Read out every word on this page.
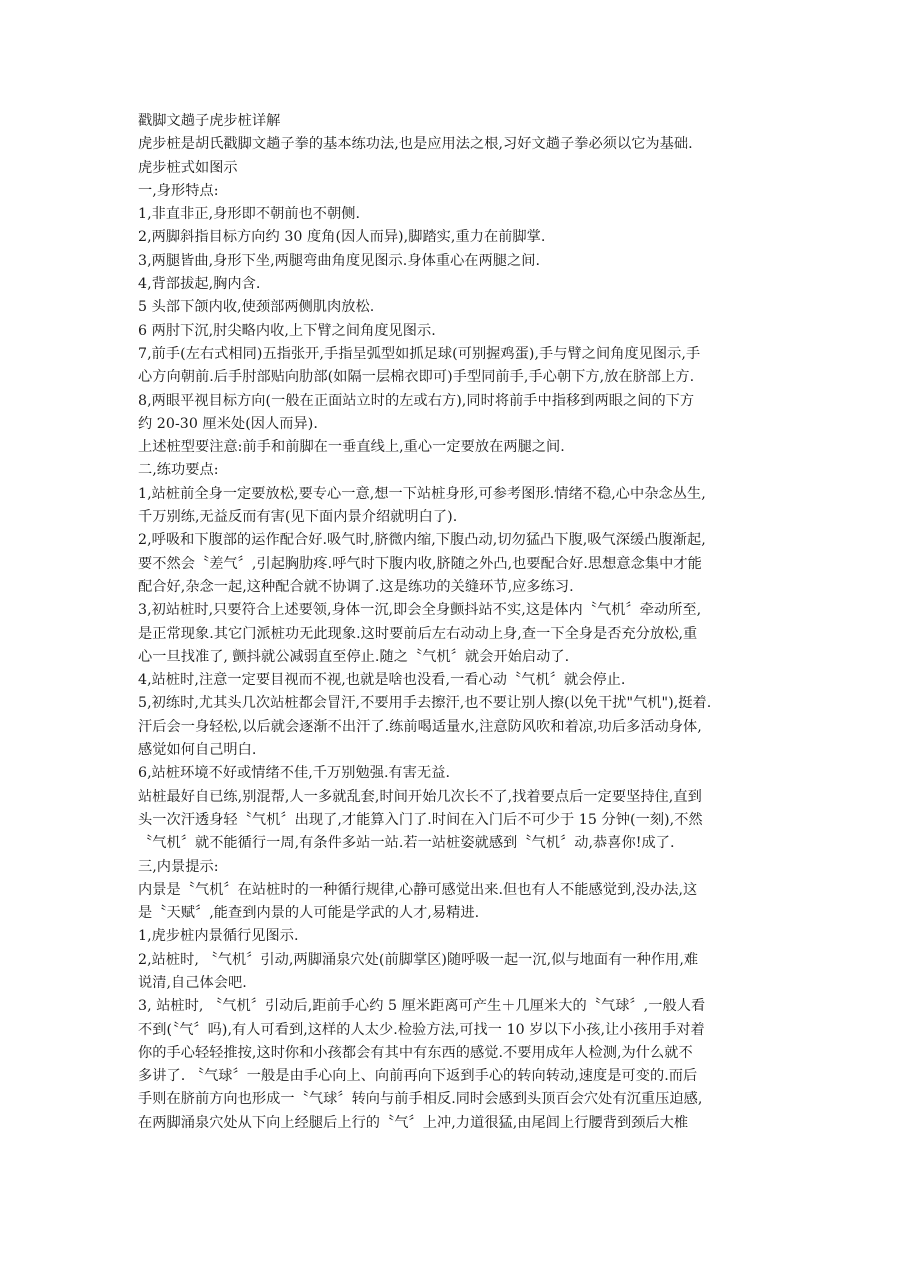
戳脚文趟子虎步桩详解
虎步桩是胡氏戳脚文趟子拳的基本练功法,也是应用法之根,习好文趟子拳必须以它为基础.
虎步桩式如图示
一,身形特点:
1,非直非正,身形即不朝前也不朝侧.
2,两脚斜指目标方向约 30 度角(因人而异),脚踏实,重力在前脚掌.
3,两腿皆曲,身形下坐,两腿弯曲角度见图示.身体重心在两腿之间.
4,背部拔起,胸内含.
5 头部下颌内收,使颈部两侧肌肉放松.
6 两肘下沉,肘尖略内收,上下臂之间角度见图示.
7,前手(左右式相同)五指张开,手指呈弧型如抓足球(可别握鸡蛋),手与臂之间角度见图示,手
心方向朝前.后手肘部贴向肋部(如隔一层棉衣即可)手型同前手,手心朝下方,放在脐部上方.
8,两眼平视目标方向(一般在正面站立时的左或右方),同时将前手中指移到两眼之间的下方
约 20-30 厘米处(因人而异).
上述桩型要注意:前手和前脚在一垂直线上,重心一定要放在两腿之间.
二,练功要点:
1,站桩前全身一定要放松,要专心一意,想一下站桩身形,可参考图形.情绪不稳,心中杂念丛生,
千万别练,无益反而有害(见下面内景介绍就明白了).
2,呼吸和下腹部的运作配合好.吸气时,脐微内缩,下腹凸动,切勿猛凸下腹,吸气深缓凸腹渐起,
要不然会〝差气〞,引起胸肋疼.呼气时下腹内收,脐随之外凸,也要配合好.思想意念集中才能
配合好,杂念一起,这种配合就不协调了.这是练功的关缝环节,应多练习.
3,初站桩时,只要符合上述要领,身体一沉,即会全身颤抖站不实,这是体内〝气机〞牵动所至,
是正常现象.其它门派桩功无此现象.这时要前后左右动动上身,查一下全身是否充分放松,重
心一旦找准了, 颤抖就公减弱直至停止.随之〝气机〞就会开始启动了.
4,站桩时,注意一定要目视而不视,也就是啥也没看,一看心动〝气机〞就会停止.
5,初练时,尤其头几次站桩都会冒汗,不要用手去擦汗,也不要让别人擦(以免干扰"气机"),挺着.
汗后会一身轻松,以后就会逐渐不出汗了.练前喝适量水,注意防风吹和着凉,功后多活动身体,
感觉如何自己明白.
6,站桩环境不好或情绪不佳,千万别勉强.有害无益.
站桩最好自已练,别混帮,人一多就乱套,时间开始几次长不了,找着要点后一定要坚持住,直到
头一次汗透身轻〝气机〞出现了,才能算入门了.时间在入门后不可少于 15 分钟(一刻),不然
〝气机〞就不能循行一周,有条件多站一站.若一站桩姿就感到〝气机〞动,恭喜你!成了.
三,内景提示:
内景是〝气机〞在站桩时的一种循行规律,心静可感觉出来.但也有人不能感觉到,没办法,这
是〝天赋〞,能查到内景的人可能是学武的人才,易精进.
1,虎步桩内景循行见图示.
2,站桩时, 〝气机〞引动,两脚涌泉穴处(前脚掌区)随呼吸一起一沉,似与地面有一种作用,难
说清,自己体会吧.
3, 站桩时, 〝气机〞引动后,距前手心约 5 厘米距离可产生＋几厘米大的〝气球〞,一般人看
不到(〝气〞吗),有人可看到,这样的人太少.检验方法,可找一 10 岁以下小孩,让小孩用手对着
你的手心轻轻推按,这时你和小孩都会有其中有东西的感觉.不要用成年人检测,为什么就不
多讲了. 〝气球〞一般是由手心向上、向前再向下返到手心的转向转动,速度是可变的.而后
手则在脐前方向也形成一〝气球〞转向与前手相反.同时会感到头顶百会穴处有沉重压迫感,
在两脚涌泉穴处从下向上经腿后上行的〝气〞上冲,力道很猛,由尾闾上行腰背到颈后大椎
